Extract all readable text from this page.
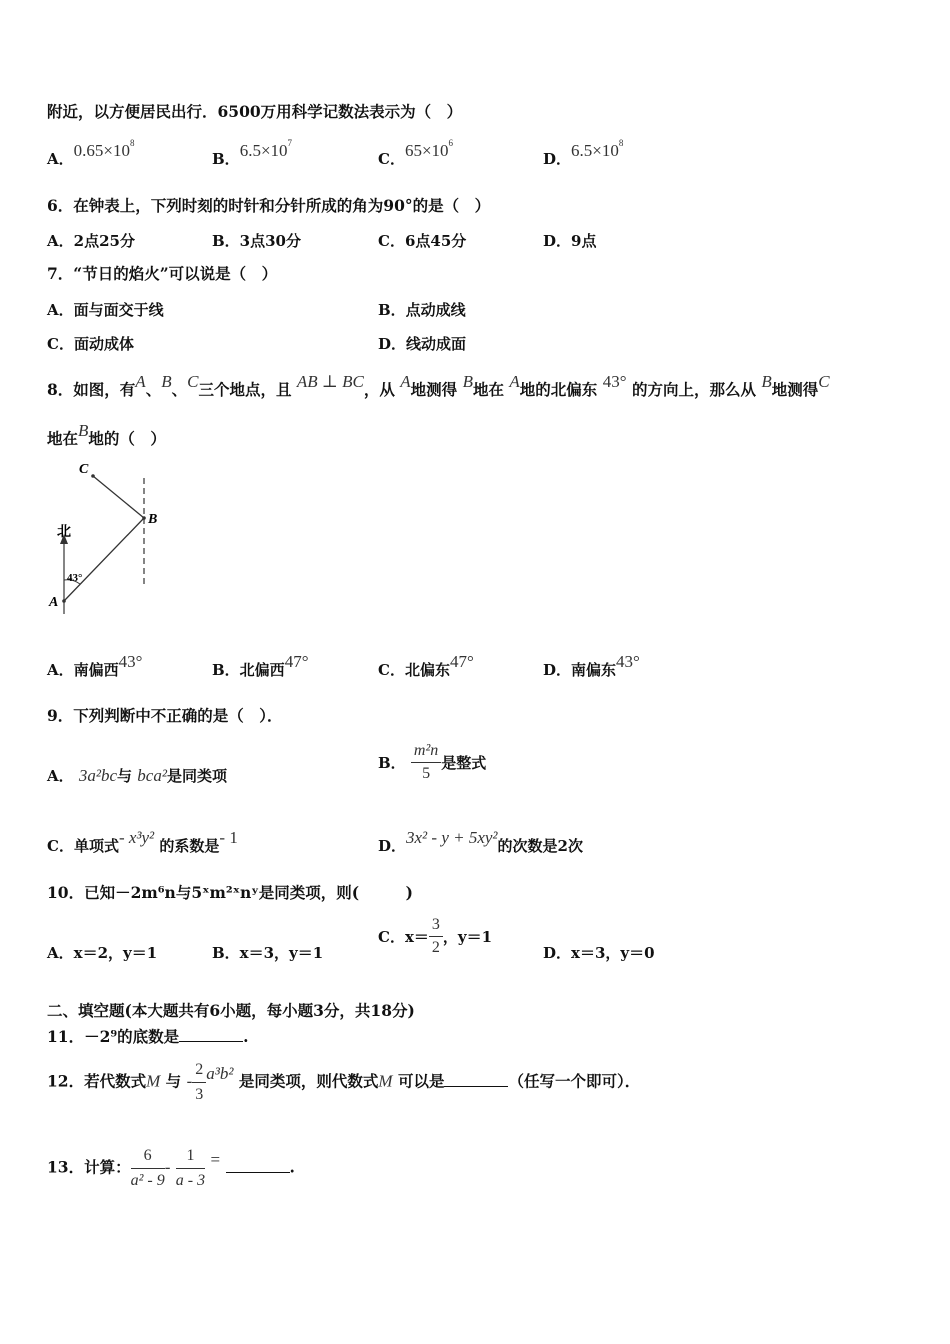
附近，以方便居民出行．6500万用科学记数法表示为（　）
A．$0.65\times 10^8$
B．$6.5\times 10^7$
C．$65\times 10^6$
D．$6.5\times 10^8$
6．在钟表上，下列时刻的时针和分针所成的角为90°的是（　）
A．2点25分	B．3点30分	C．6点45分	D．9点
7．“节日的焰火”可以说是（　）
A．面与面交于线	B．点动成线
C．面动成体	D．线动成面
8．如图，有A、B、C三个地点，且 AB ⊥ BC，从 A地测得 B地在 A地的北偏东 43° 的方向上，那么从 B地测得C
地在B地的（　）
北
C
B
A
43°
A．南偏西43°	B．北偏西47°	C．北偏东47°	D．南偏东43°
9．下列判断中不正确的是（　）．
A． 3a²bc与 bca²是同类项
B． $\frac{\text{m²n}}{5}$ 是整式
C．单项式- x³y² 的系数是- 1	D．3x² - y + 5xy²的次数是2次
10．已知－2m⁶n与5ˣm²ˣnʸ是同类项，则(　　　)
A．x＝2，y＝1	B．x＝3，y＝1
C．$x= \frac{3}{2}$ ，y＝1
D．x＝3，y＝0
二、填空题(本大题共有6小题，每小题3分，共18分)
11．－2⁹的底数是	.
12．若代数式M 与 - $\frac{2}{3} a^3b^2$ 是同类项，则代数式M 可以是	（任写一个即可）．
13．计算： $\frac{6}{\text{a² - 9}} - \frac{1}{a - 3}$ =	.
